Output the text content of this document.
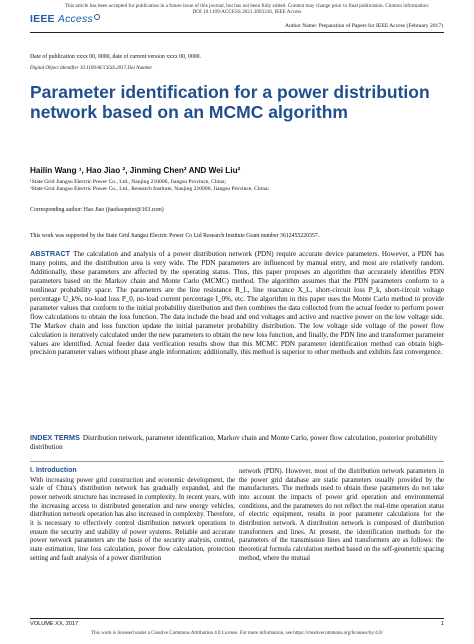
This article has been accepted for publication in a future issue of this journal, but has not been fully edited. Content may change prior to final publication. Citation information: DOI 10.1109/ACCESS.2021.3093316, IEEE Access
IEEE Access
Author Name: Preparation of Papers for IEEE Access (February 2017)
Date of publication xxxx 00, 0000, date of current version xxxx 00, 0000.
Digital Object Identifier 10.1109/ACCESS.2017.Doi Number
Parameter identification for a power distribution network based on an MCMC algorithm
Hailin Wang ¹, Hao Jiao ², Jinming Chen² AND Wei Liu²
¹State Grid Jiangsu Electric Power Co., Ltd., Nanjing 210006, Jiangsu Province, China;
²State Grid Jiangsu Electric Power Co., Ltd., Research Institute, Nanjing 210006, Jiangsu Province, China;
Corresponding author: Hao Jiao (jiaohaopeter@163.com)
This work was supported by the State Grid Jiangsu Electric Power Co Ltd Research Institute Grant number 3612455220357.
ABSTRACT The calculation and analysis of a power distribution network (PDN) require accurate device parameters. However, a PDN has many points, and the distribution area is very wide. The PDN parameters are influenced by manual entry, and most are relatively random. Additionally, these parameters are affected by the operating status. Thus, this paper proposes an algorithm that accurately identifies PDN parameters based on the Markov chain and Monte Carlo (MCMC) method. The algorithm assumes that the PDN parameters conform to a nonlinear probability space. The parameters are the line resistance R_L, line reactance X_L, short-circuit loss P_k, short-circuit voltage percentage U_k%, no-load loss P_0, no-load current percentage I_0%, etc. The algorithm in this paper uses the Monte Carlo method to provide parameter values that conform to the initial probability distribution and then combines the data collected from the actual feeder to perform power flow calculations to obtain the loss function. The data include the head and end voltages and active and reactive power on the low voltage side. The Markov chain and loss function update the initial parameter probability distribution. The low voltage side voltage of the power flow calculation is iteratively calculated under the new parameters to obtain the new loss function, and finally, the PDN line and transformer parameter values are identified. Actual feeder data verification results show that this MCMC PDN parameter identification method can obtain high-precision parameter values without phase angle information; additionally, this method is superior to other methods and exhibits fast convergence.
INDEX TERMS Distribution network, parameter identification, Markov chain and Monte Carlo, power flow calculation, posterior probability distribution
I. Introduction
With increasing power grid construction and economic development, the scale of China's distribution network has gradually expanded, and the power network structure has increased in complexity. In recent years, with the increasing access to distributed generation and new energy vehicles, distribution network operation has also increased in complexity. Therefore, it is necessary to effectively control distribution network operations to ensure the security and stability of power systems. Reliable and accurate power network parameters are the basis of the security analysis, control, state estimation, line loss calculation, power flow calculation, protection setting and fault analysis of a power distribution
network (PDN). However, most of the distribution network parameters in the power grid database are static parameters usually provided by the manufacturers. The methods used to obtain these parameters do not take into account the impacts of power grid operation and environmental conditions, and the parameters do not reflect the real-time operation status of electric equipment, results in poor parameter calculations for the distribution network. A distribution network is composed of distribution transformers and lines. At present, the identification methods for the parameters of the transmission lines and transformers are as follows: the theoretical formula calculation method based on the self-geometric spacing method, where the mutual
VOLUME XX, 2017	1
This work is licensed under a Creative Commons Attribution 4.0 License. For more information, see https://creativecommons.org/licenses/by/4.0/
